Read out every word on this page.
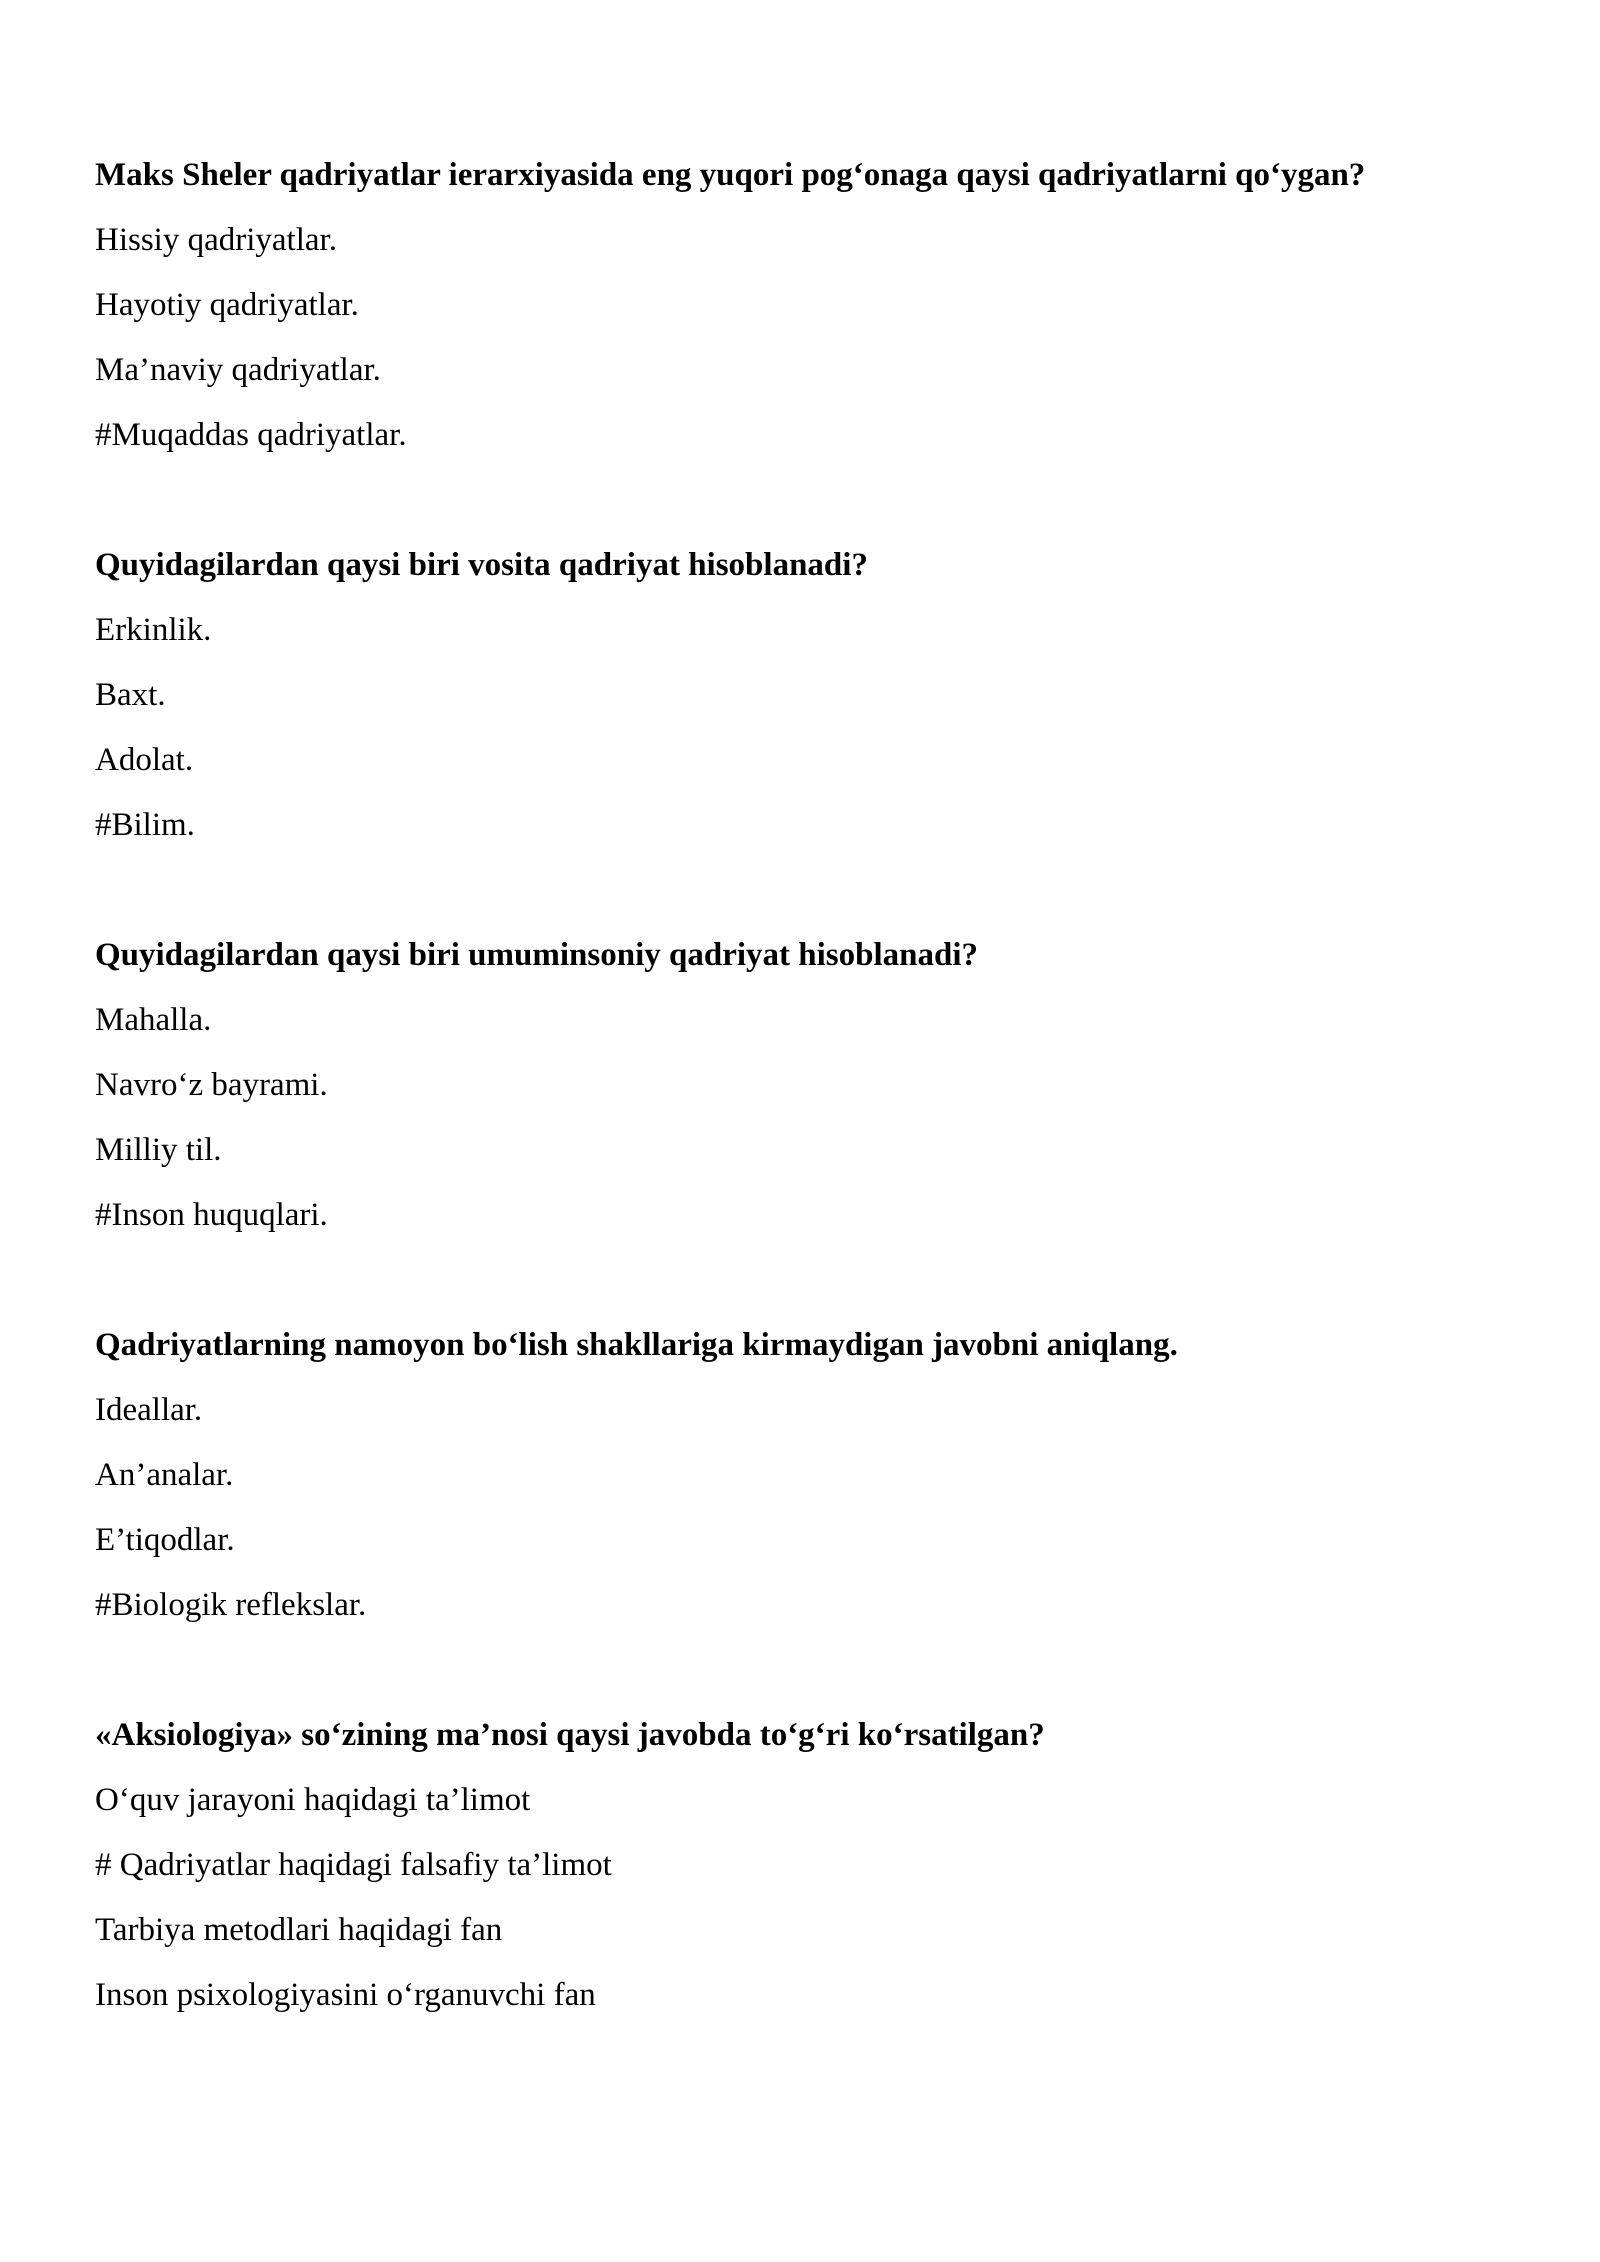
Maks Sheler qadriyatlar ierarxiyasida eng yuqori pog‘onaga qaysi qadriyatlarni qo‘ygan?

Hissiy qadriyatlar.
Hayotiy qadriyatlar.
Ma’naviy qadriyatlar.
#Muqaddas qadriyatlar.

Quyidagilardan qaysi biri vosita qadriyat hisoblanadi?

Erkinlik.
Baxt.
Adolat.
#Bilim.

Quyidagilardan qaysi biri umuminsoniy qadriyat hisoblanadi?

Mahalla.
Navro‘z bayrami.
Milliy til.
#Inson huquqlari.

Qadriyatlarning namoyon bo‘lish shakllariga kirmaydigan javobni aniqlang.

Ideallar.
An’analar.
E’tiqodlar.
#Biologik reflekslar.

«Aksiologiya» so‘zining ma’nosi qaysi javobda to‘g‘ri ko‘rsatilgan?

O‘quv jarayoni haqidagi ta’limot
# Qadriyatlar haqidagi falsafiy ta’limot
Tarbiya metodlari haqidagi fan
Inson psixologiyasini o‘rganuvchi fan
